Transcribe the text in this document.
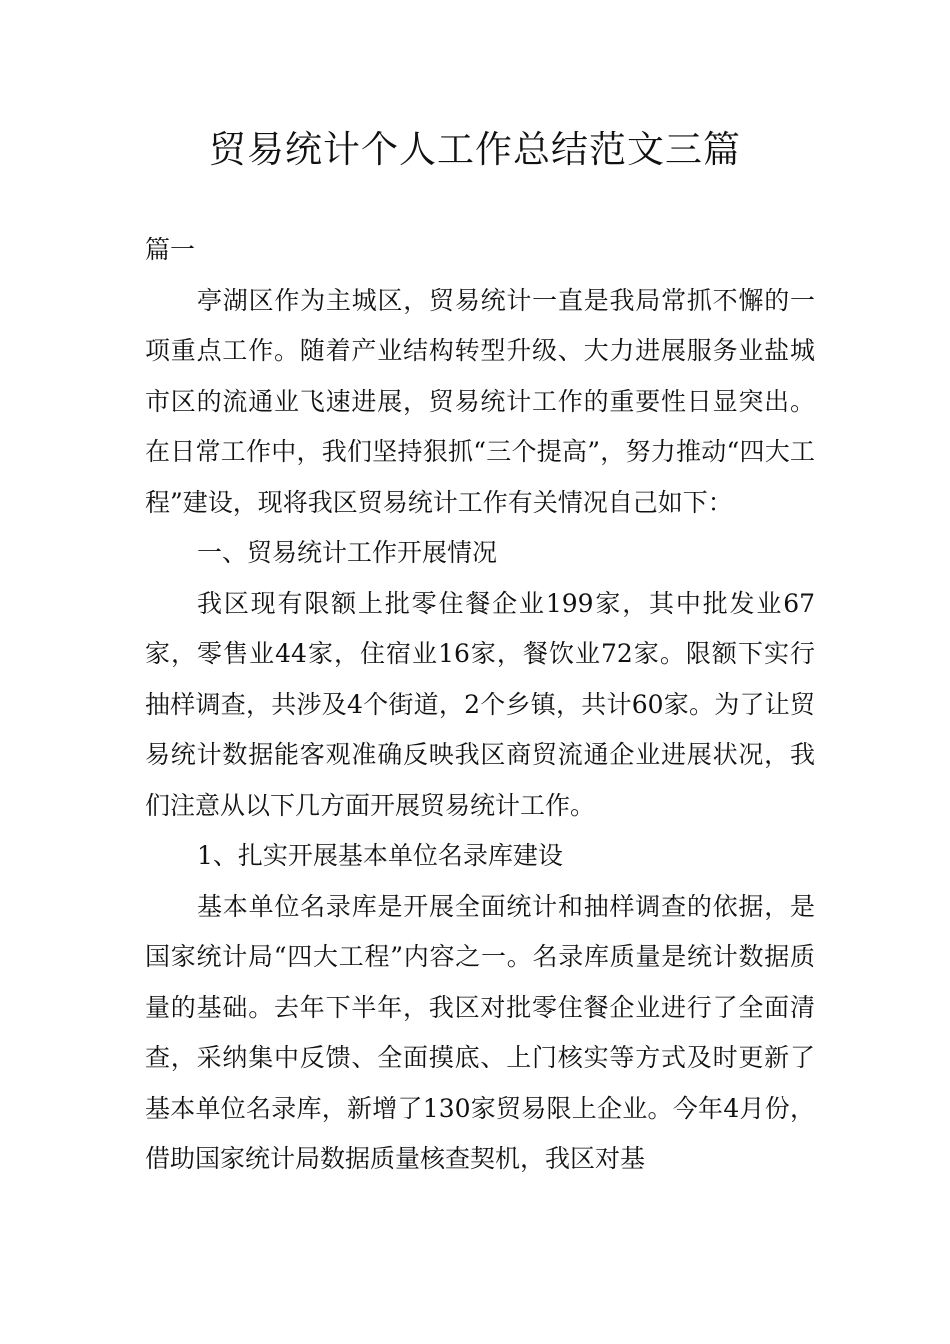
贸易统计个人工作总结范文三篇

篇一

亭湖区作为主城区，贸易统计一直是我局常抓不懈的一项重点工作。随着产业结构转型升级、大力进展服务业盐城市区的流通业飞速进展，贸易统计工作的重要性日显突出。在日常工作中，我们坚持狠抓“三个提高”，努力推动“四大工程”建设，现将我区贸易统计工作有关情况自己如下：

一、贸易统计工作开展情况

我区现有限额上批零住餐企业199家，其中批发业67家，零售业44家，住宿业16家，餐饮业72家。限额下实行抽样调查，共涉及4个街道，2个乡镇，共计60家。为了让贸易统计数据能客观准确反映我区商贸流通企业进展状况，我们注意从以下几方面开展贸易统计工作。

1、扎实开展基本单位名录库建设

基本单位名录库是开展全面统计和抽样调查的依据，是国家统计局“四大工程”内容之一。名录库质量是统计数据质量的基础。去年下半年，我区对批零住餐企业进行了全面清查，采纳集中反馈、全面摸底、上门核实等方式及时更新了基本单位名录库，新增了130家贸易限上企业。今年4月份，借助国家统计局数据质量核查契机，我区对基
